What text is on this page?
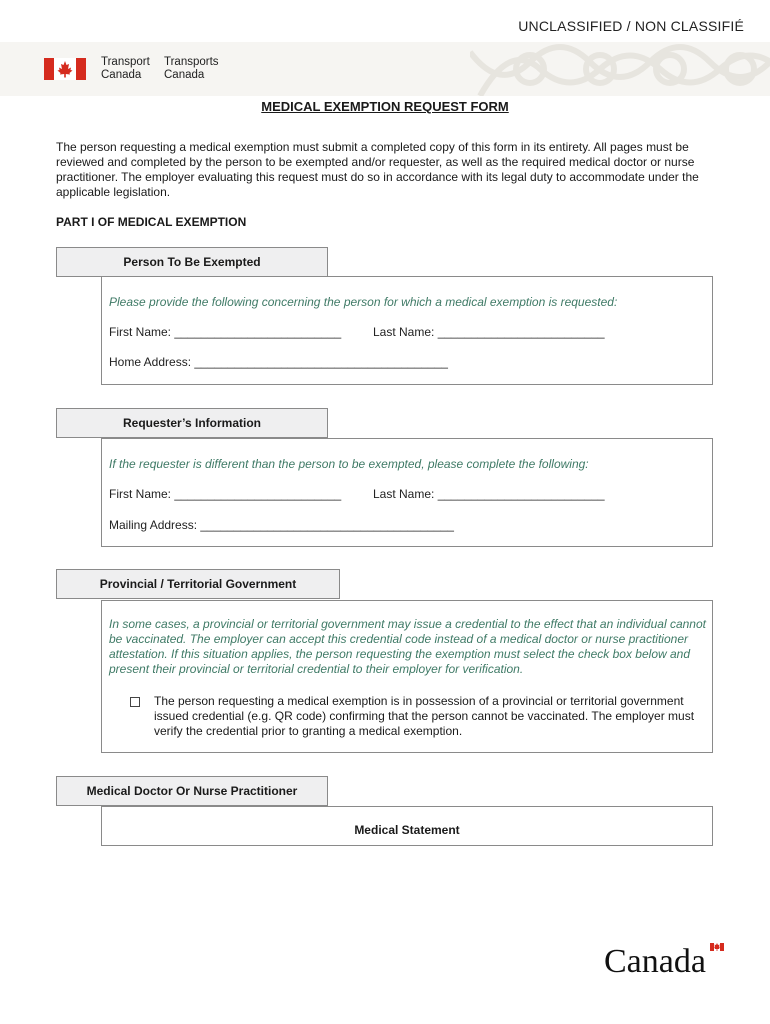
UNCLASSIFIED / NON CLASSIFIÉ
Transport
Canada
Transports
Canada
MEDICAL EXEMPTION REQUEST FORM
The person requesting a medical exemption must submit a completed copy of this form in its entirety. All pages must be reviewed and completed by the person to be exempted and/or requester, as well as the required medical doctor or nurse practitioner. The employer evaluating this request must do so in accordance with its legal duty to accommodate under the applicable legislation.
PART I OF MEDICAL EXEMPTION
Person To Be Exempted
Please provide the following concerning the person for which a medical exemption is requested:
First Name: _________________________	Last Name: _________________________
Home Address: ______________________________________
Requester’s Information
If the requester is different than the person to be exempted, please complete the following:
First Name: _________________________	Last Name: _________________________
Mailing Address: ______________________________________
Provincial / Territorial Government
In some cases, a provincial or territorial government may issue a credential to the effect that an individual cannot be vaccinated. The employer can accept this credential code instead of a medical doctor or nurse practitioner attestation. If this situation applies, the person requesting the exemption must select the check box below and present their provincial or territorial credential to their employer for verification.
The person requesting a medical exemption is in possession of a provincial or territorial government issued credential (e.g. QR code) confirming that the person cannot be vaccinated. The employer must verify the credential prior to granting a medical exemption.
Medical Doctor Or Nurse Practitioner
Medical Statement
Canada
